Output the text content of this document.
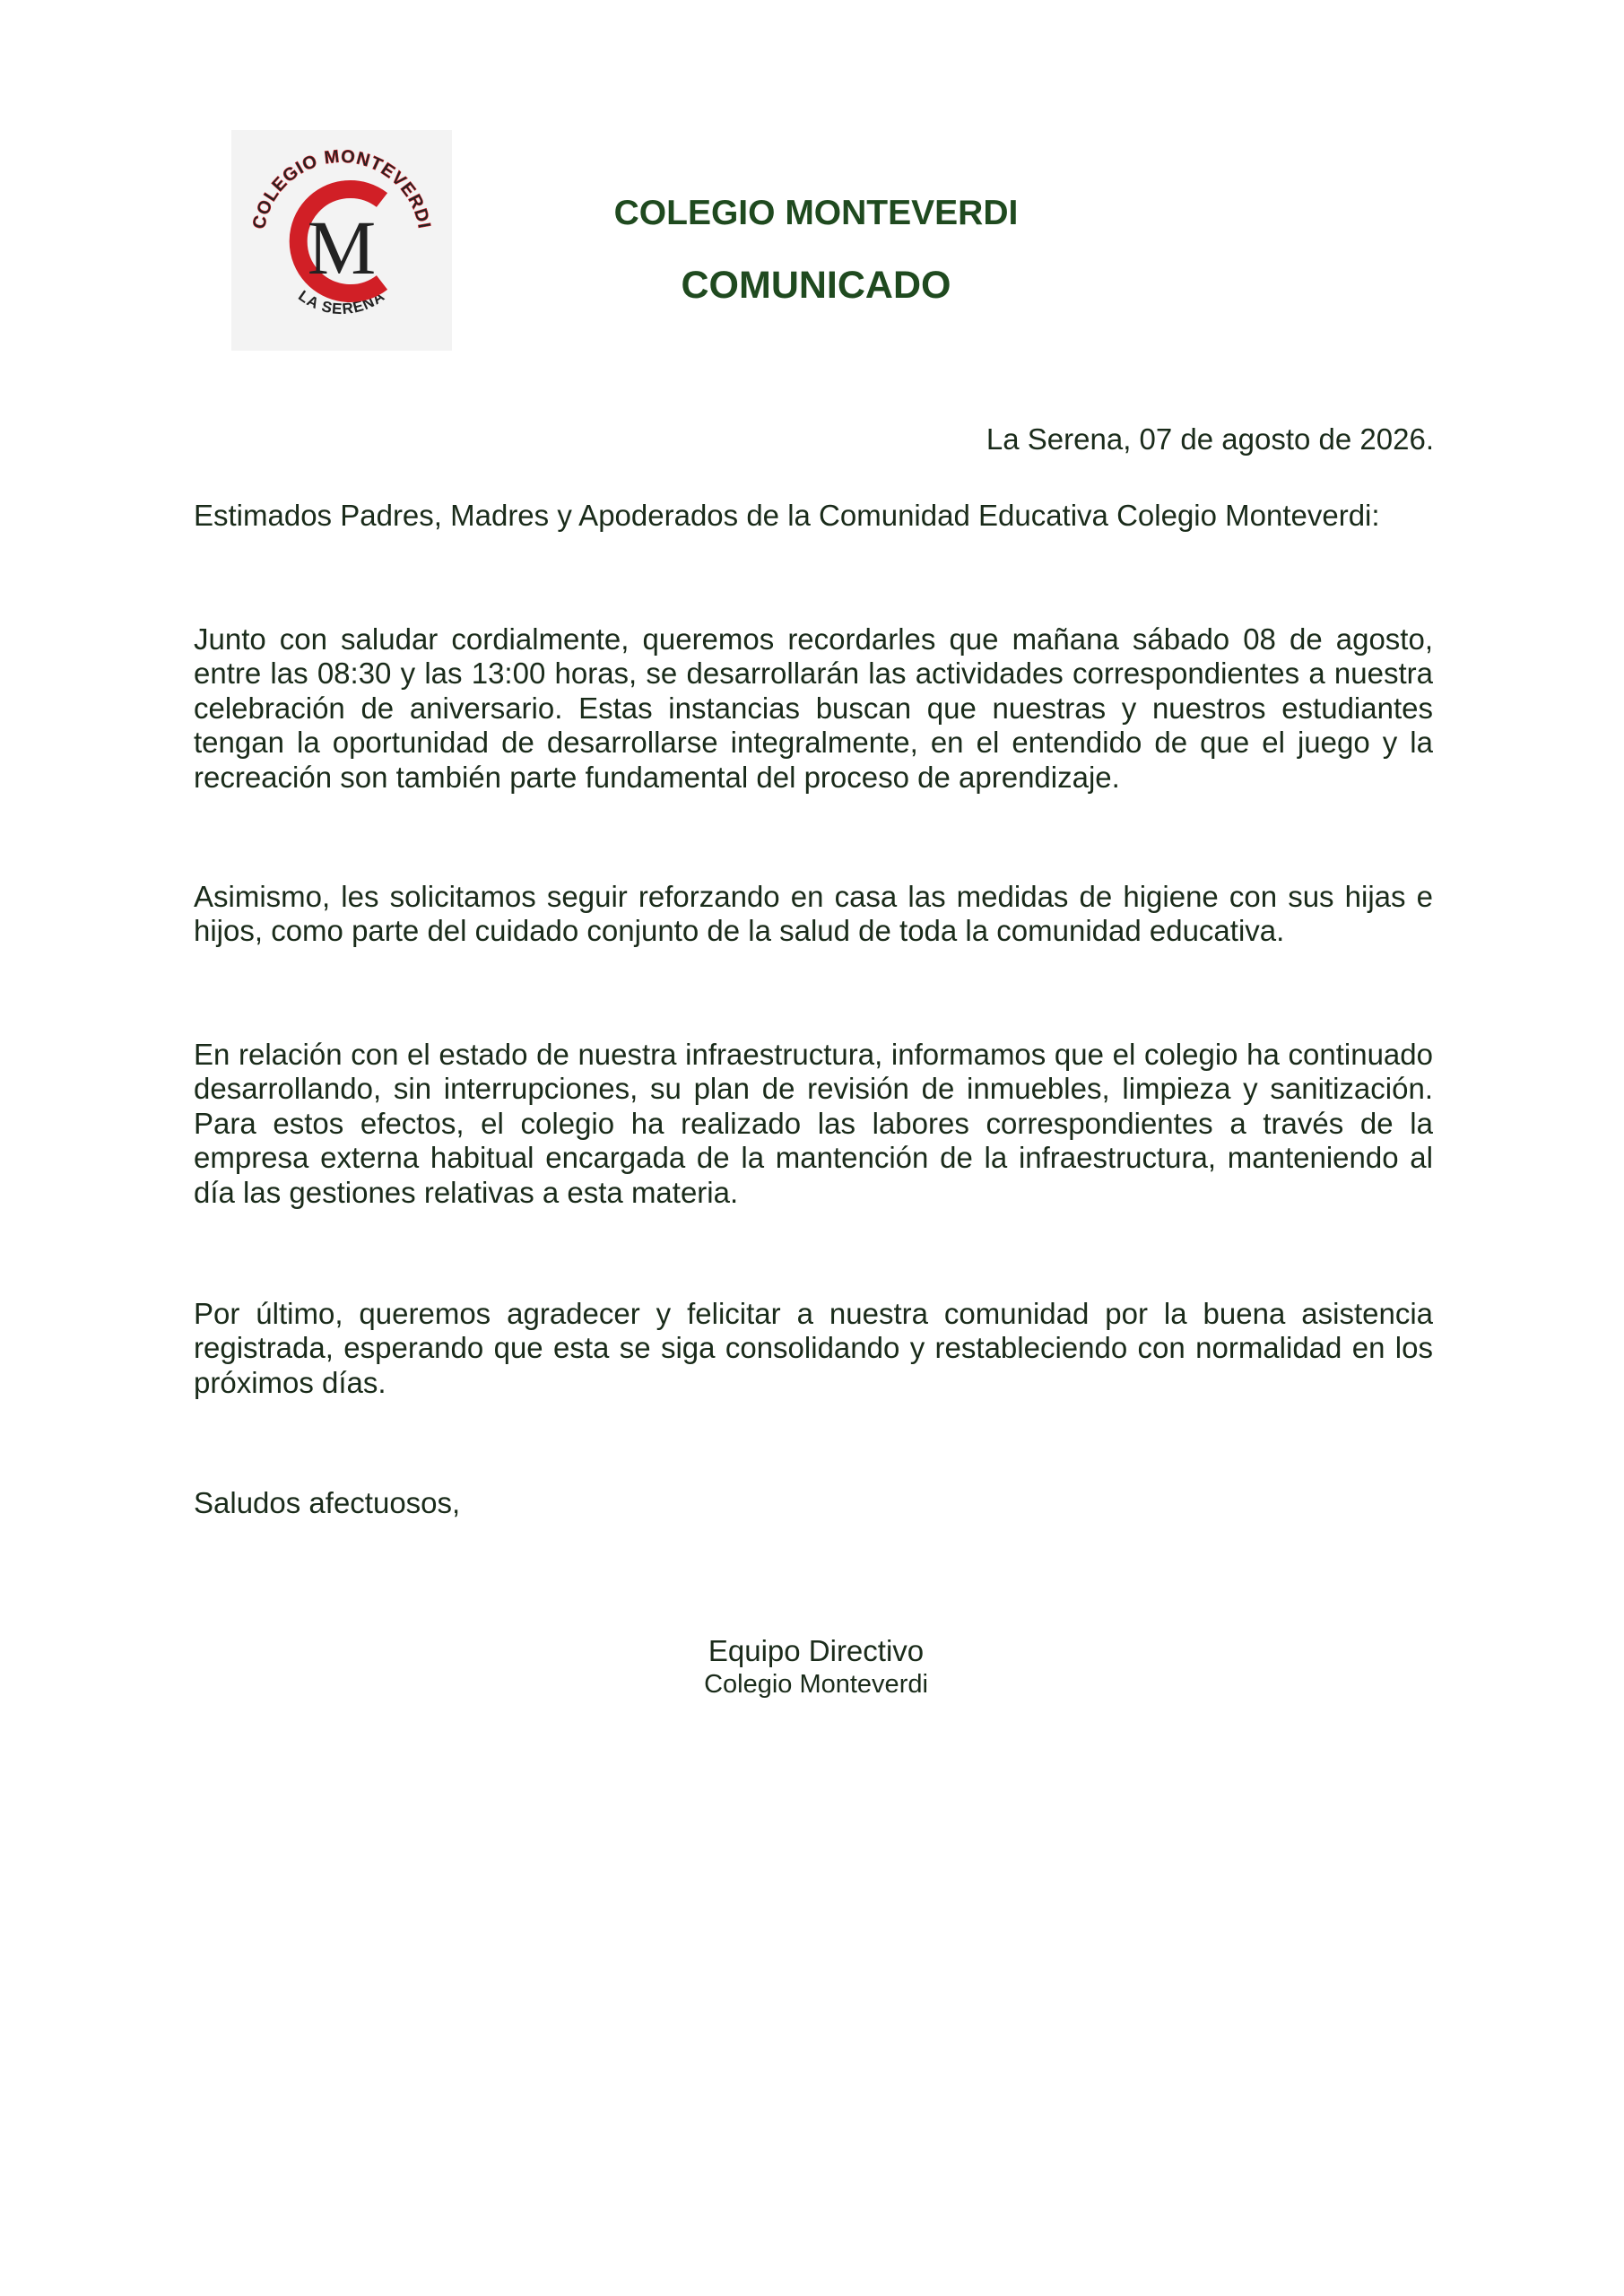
COLEGIO MONTEVERDI
LA SERENA
M	COLEGIO MONTEVERDI
COMUNICADO
La Serena, 07 de agosto de 2026.
Estimados Padres, Madres y Apoderados de la Comunidad Educativa Colegio Monteverdi:

Junto con saludar cordialmente, queremos recordarles que mañana sábado 08 de agosto, entre las 08:30 y las 13:00 horas, se desarrollarán las actividades correspondientes a nuestra celebración de aniversario. Estas instancias buscan que nuestras y nuestros estudiantes tengan la oportunidad de desarrollarse integralmente, en el entendido de que el juego y la recreación son también parte fundamental del proceso de aprendizaje.

Asimismo, les solicitamos seguir reforzando en casa las medidas de higiene con sus hijas e hijos, como parte del cuidado conjunto de la salud de toda la comunidad educativa.

En relación con el estado de nuestra infraestructura, informamos que el colegio ha continuado desarrollando, sin interrupciones, su plan de revisión de inmuebles, limpieza y sanitización. Para estos efectos, el colegio ha realizado las labores correspondientes a través de la empresa externa habitual encargada de la mantención de la infraestructura, manteniendo al día las gestiones relativas a esta materia.

Por último, queremos agradecer y felicitar a nuestra comunidad por la buena asistencia registrada, esperando que esta se siga consolidando y restableciendo con normalidad en los próximos días.

Saludos afectuosos,
Equipo Directivo
Colegio Monteverdi
